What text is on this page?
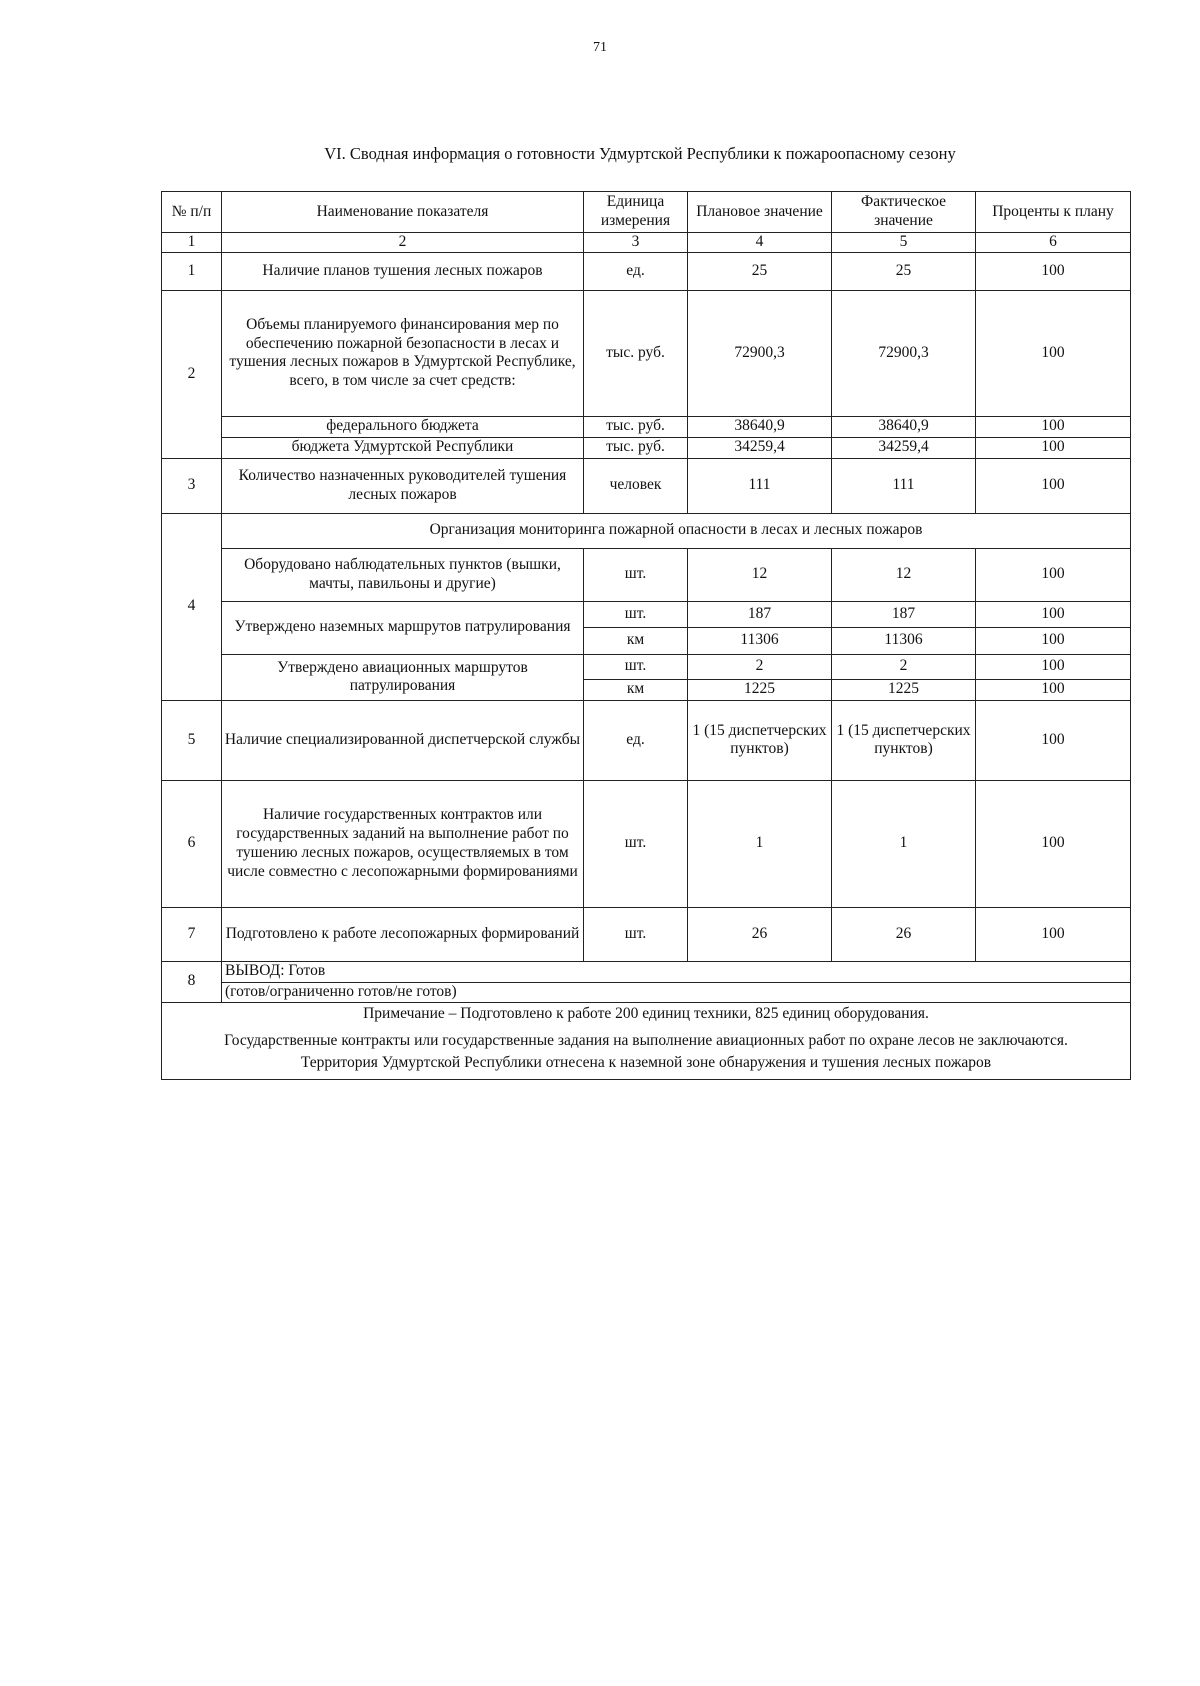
71
VI. Сводная информация о готовности Удмуртской Республики к пожароопасному сезону
№ п/п	Наименование показателя	Единица измерения	Плановое значение	Фактическое значение	Проценты к плану
1	2	3	4	5	6
1	Наличие планов тушения лесных пожаров	ед.	25	25	100
2	Объемы планируемого финансирования мер по обеспечению пожарной безопасности в лесах и тушения лесных пожаров в Удмуртской Республике, всего, в том числе за счет средств:	тыс. руб.	72900,3	72900,3	100
	федерального бюджета	тыс. руб.	38640,9	38640,9	100
	бюджета Удмуртской Республики	тыс. руб.	34259,4	34259,4	100
3	Количество назначенных руководителей тушения лесных пожаров	человек	111	111	100
4	Организация мониторинга пожарной опасности в лесах и лесных пожаров				
	Оборудовано наблюдательных пунктов (вышки, мачты, павильоны и другие)	шт.	12	12	100
	Утверждено наземных маршрутов патрулирования	шт.	187	187	100
		км	11306	11306	100
	Утверждено авиационных маршрутов патрулирования	шт.	2	2	100
		км	1225	1225	100
5	Наличие специализированной диспетчерской службы	ед.	1 (15 диспетчерских пунктов)	1 (15 диспетчерских пунктов)	100
6	Наличие государственных контрактов или государственных заданий на выполнение работ по тушению лесных пожаров, осуществляемых в том числе совместно с лесопожарными формированиями	шт.	1	1	100
7	Подготовлено к работе лесопожарных формирований	шт.	26	26	100
8	ВЫВОД: Готов				
	(готов/ограниченно готов/не готов)				

Примечание – Подготовлено к работе 200 единиц техники, 825 единиц оборудования.
Государственные контракты или государственные задания на выполнение авиационных работ по охране лесов не заключаются.
Территория Удмуртской Республики отнесена к наземной зоне обнаружения и тушения лесных пожаров					
